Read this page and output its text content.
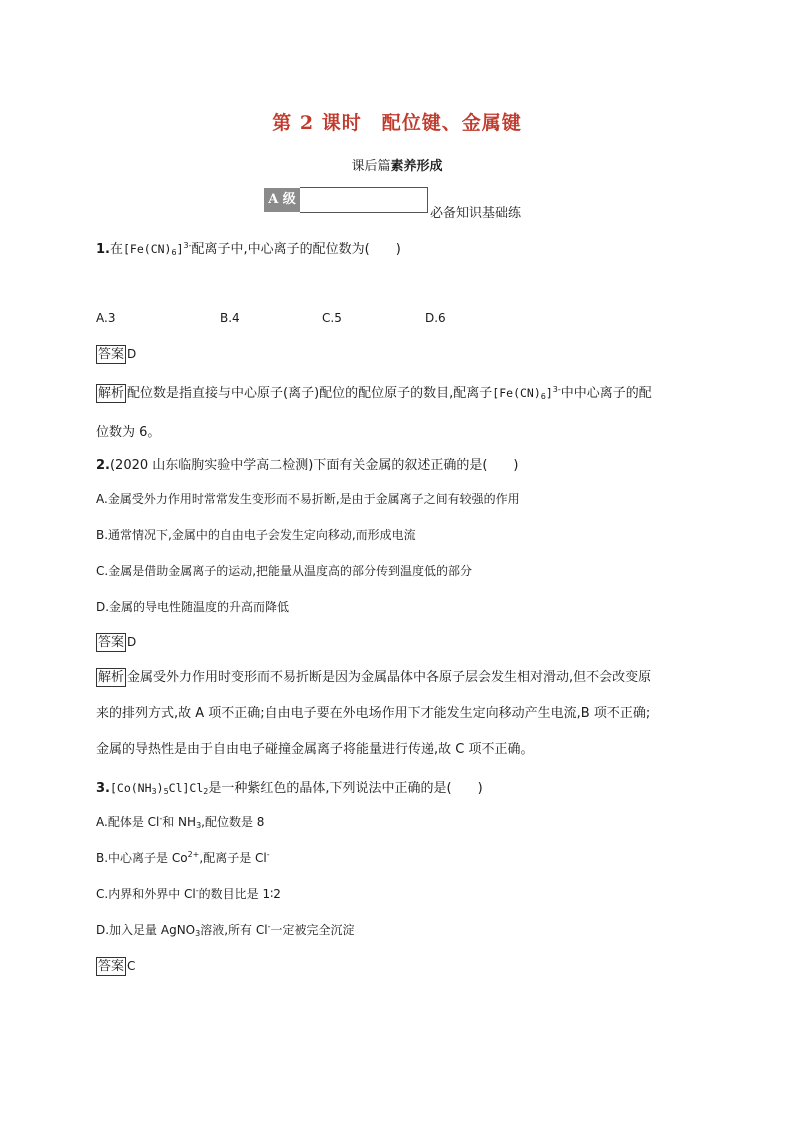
第 2 课时　配位键、金属键
课后篇素养形成
A 级
必备知识基础练
1.在$[Fe(CN)_6]^{3-}$配离子中,中心离子的配位数为(　　)
A.3	B.4	C.5	D.6
答案 D
解析 配位数是指直接与中心原子(离子)配位的配位原子的数目,配离子$[Fe(CN)_6]^{3-}$中中心离子的配
位数为 6。
2.(2020 山东临朐实验中学高二检测)下面有关金属的叙述正确的是(　　)
A.金属受外力作用时常常发生变形而不易折断,是由于金属离子之间有较强的作用
B.通常情况下,金属中的自由电子会发生定向移动,而形成电流
C.金属是借助金属离子的运动,把能量从温度高的部分传到温度低的部分
D.金属的导电性随温度的升高而降低
答案 D
解析 金属受外力作用时变形而不易折断是因为金属晶体中各原子层会发生相对滑动,但不会改变原
来的排列方式,故 A 项不正确;自由电子要在外电场作用下才能发生定向移动产生电流,B 项不正确;
金属的导热性是由于自由电子碰撞金属离子将能量进行传递,故 C 项不正确。
$3.[Co(NH_3)_5Cl]Cl_2$是一种紫红色的晶体,下列说法中正确的是(　　)
A.配体是 Cl-和 $NH_3$,配位数是 8
B.中心离子是 $Co^{2+}$,配离子是 Cl-
C.内界和外界中 Cl-的数目比是 1∶2
D.加入足量 AgNO$_3$溶液,所有 Cl-一定被完全沉淀
答案 C
